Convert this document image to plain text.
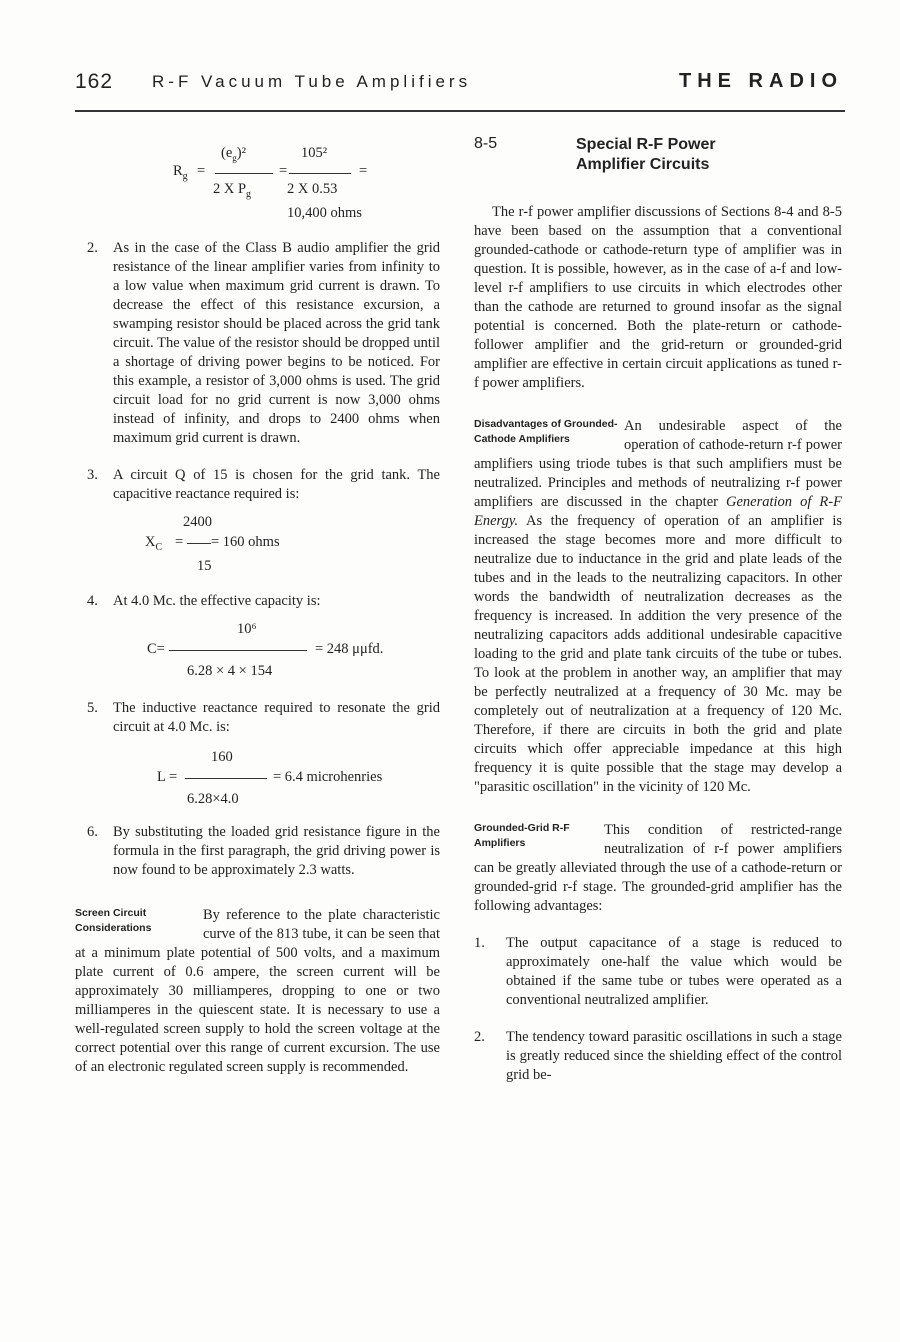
162 R-F Vacuum Tube Amplifiers	THE RADIO
$R_g$ =
$(e_g)^2$
2 X $P_g$
=
105²
2 X 0.53
=
10,400 ohms
2.	As in the case of the Class B audio amplifier the grid resistance of the linear amplifier varies from infinity to a low value when maximum grid current is drawn. To decrease the effect of this resistance excursion, a swamping resistor should be placed across the grid tank circuit. The value of the resistor should be dropped until a shortage of driving power begins to be noticed. For this example, a resistor of 3,000 ohms is used. The grid circuit load for no grid current is now 3,000 ohms instead of infinity, and drops to 2400 ohms when maximum grid current is drawn.

3.	A circuit Q of 15 is chosen for the grid tank. The capacitive reactance required is:

2400
$X_C$ = = 160 ohms
15
4.	At 4.0 Mc. the effective capacity is:

10⁶
C=	= 248 μμfd.
6.28 × 4 × 154
5.	The inductive reactance required to resonate the grid circuit at 4.0 Mc. is:

160
L =	= 6.4 microhenries
6.28×4.0
6.	By substituting the loaded grid resistance figure in the formula in the first paragraph, the grid driving power is now found to be approximately 2.3 watts.

Screen Circuit Considerations

By reference to the plate characteristic curve of the 813 tube, it can be seen that at a minimum plate potential of 500 volts, and a maximum plate current of 0.6 ampere, the screen current will be approximately 30 milliamperes, dropping to one or two milliamperes in the quiescent state. It is necessary to use a well-regulated screen supply to hold the screen voltage at the correct potential over this range of current excursion. The use of an electronic regulated screen supply is recommended.

8-5	Special R-F Power Amplifier Circuits

The r-f power amplifier discussions of Sections 8-4 and 8-5 have been based on the assumption that a conventional grounded-cathode or cathode-return type of amplifier was in question. It is possible, however, as in the case of a-f and low-level r-f amplifiers to use circuits in which electrodes other than the cathode are returned to ground insofar as the signal potential is concerned. Both the plate-return or cathode-follower amplifier and the grid-return or grounded-grid amplifier are effective in certain circuit applications as tuned r-f power amplifiers.

Disadvantages of Grounded-Cathode Amplifiers

An undesirable aspect of the operation of cathode-return r-f power amplifiers using triode tubes is that such amplifiers must be neutralized. Principles and methods of neutralizing r-f power amplifiers are discussed in the chapter Generation of R-F Energy. As the frequency of operation of an amplifier is increased the stage becomes more and more difficult to neutralize due to inductance in the grid and plate leads of the tubes and in the leads to the neutralizing capacitors. In other words the bandwidth of neutralization decreases as the frequency is increased. In addition the very presence of the neutralizing capacitors adds additional undesirable capacitive loading to the grid and plate tank circuits of the tube or tubes. To look at the problem in another way, an amplifier that may be perfectly neutralized at a frequency of 30 Mc. may be completely out of neutralization at a frequency of 120 Mc. Therefore, if there are circuits in both the grid and plate circuits which offer appreciable impedance at this high frequency it is quite possible that the stage may develop a "parasitic oscillation" in the vicinity of 120 Mc.

Grounded-Grid R-F Amplifiers

This condition of restricted-range neutralization of r-f power amplifiers can be greatly alleviated through the use of a cathode-return or grounded-grid r-f stage. The grounded-grid amplifier has the following advantages:

1.	The output capacitance of a stage is reduced to approximately one-half the value which would be obtained if the same tube or tubes were operated as a conventional neutralized amplifier.

2.	The tendency toward parasitic oscillations in such a stage is greatly reduced since the shielding effect of the control grid be-
